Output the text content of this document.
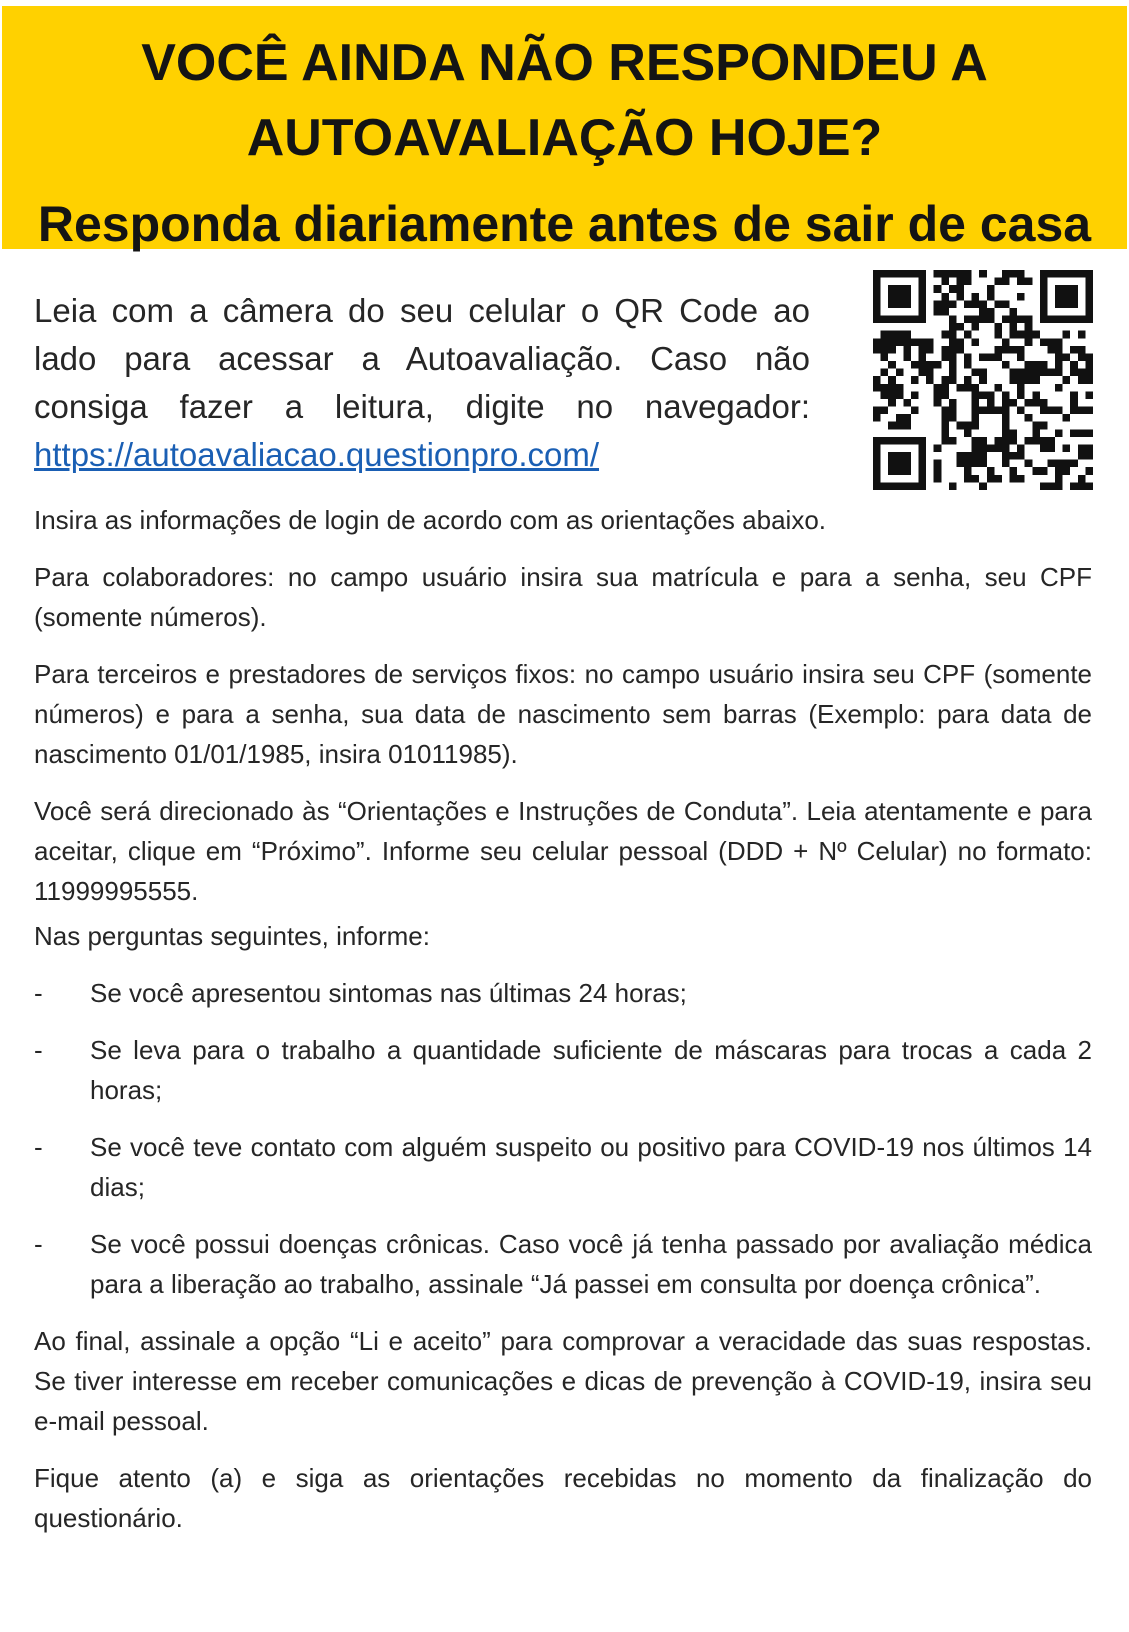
VOCÊ AINDA NÃO RESPONDEU A
AUTOAVALIAÇÃO HOJE?
Responda diariamente antes de sair de casa

Leia com a câmera do seu celular o QR Code ao lado para acessar a Autoavaliação. Caso não consiga fazer a leitura, digite no navegador: https://autoavaliacao.questionpro.com/

Insira as informações de login de acordo com as orientações abaixo.

Para colaboradores: no campo usuário insira sua matrícula e para a senha, seu CPF (somente números).

Para terceiros e prestadores de serviços fixos: no campo usuário insira seu CPF (somente números) e para a senha, sua data de nascimento sem barras (Exemplo: para data de nascimento 01/01/1985, insira 01011985).

Você será direcionado às “Orientações e Instruções de Conduta”. Leia atentamente e para aceitar, clique em “Próximo”. Informe seu celular pessoal (DDD + Nº Celular) no formato: 11999995555.

Nas perguntas seguintes, informe:

- Se você apresentou sintomas nas últimas 24 horas;
- Se leva para o trabalho a quantidade suficiente de máscaras para trocas a cada 2 horas;
- Se você teve contato com alguém suspeito ou positivo para COVID-19 nos últimos 14 dias;
- Se você possui doenças crônicas. Caso você já tenha passado por avaliação médica para a liberação ao trabalho, assinale “Já passei em consulta por doença crônica”.

Ao final, assinale a opção “Li e aceito” para comprovar a veracidade das suas respostas. Se tiver interesse em receber comunicações e dicas de prevenção à COVID-19, insira seu e-mail pessoal.

Fique atento (a) e siga as orientações recebidas no momento da finalização do questionário.
